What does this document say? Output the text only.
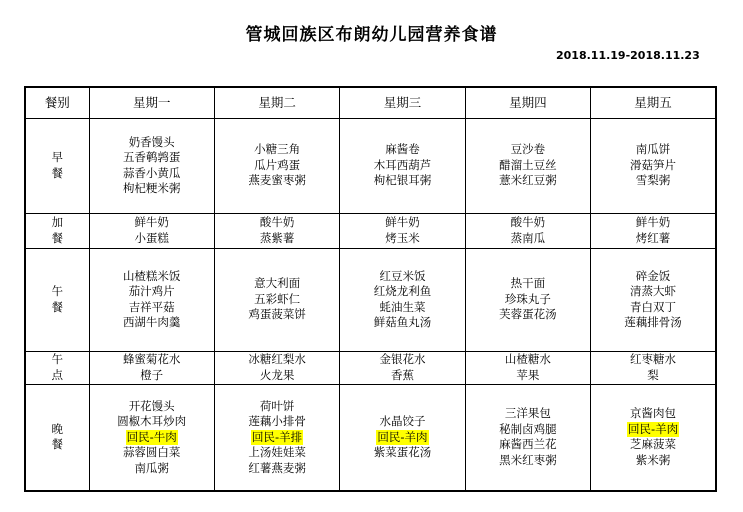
管城回族区布朗幼儿园营养食谱
2018.11.19-2018.11.23
餐别	星期一	星期二	星期三	星期四	星期五

早
餐	奶香馒头
五香鹌鹑蛋
蒜香小黄瓜
枸杞粳米粥	小糖三角
瓜片鸡蛋
燕麦蜜枣粥	麻酱卷
木耳西葫芦
枸杞银耳粥	豆沙卷
醋溜土豆丝
薏米红豆粥	南瓜饼
滑菇笋片
雪梨粥

加
餐	鲜牛奶
小蛋糕	酸牛奶
蒸紫薯	鲜牛奶
烤玉米	酸牛奶
蒸南瓜	鲜牛奶
烤红薯

午
餐	山楂糕米饭
茄汁鸡片
吉祥平菇
西湖牛肉羹	意大利面
五彩虾仁
鸡蛋菠菜饼	红豆米饭
红烧龙利鱼
蚝油生菜
鲜菇鱼丸汤	热干面
珍珠丸子
芙蓉蛋花汤	碎金饭
清蒸大虾
青白双丁
莲藕排骨汤

午
点	蜂蜜菊花水
橙子	冰糖红梨水
火龙果	金银花水
香蕉	山楂糖水
苹果	红枣糖水
梨

晚
餐	开花馒头
圆椒木耳炒肉
回民-牛肉
蒜蓉圆白菜
南瓜粥	荷叶饼
莲藕小排骨
回民-羊排
上汤娃娃菜
红薯燕麦粥	水晶饺子
回民-羊肉
紫菜蛋花汤	三洋果包
秘制卤鸡腿
麻酱西兰花
黑米红枣粥	京酱肉包
回民-羊肉
芝麻菠菜
紫米粥
